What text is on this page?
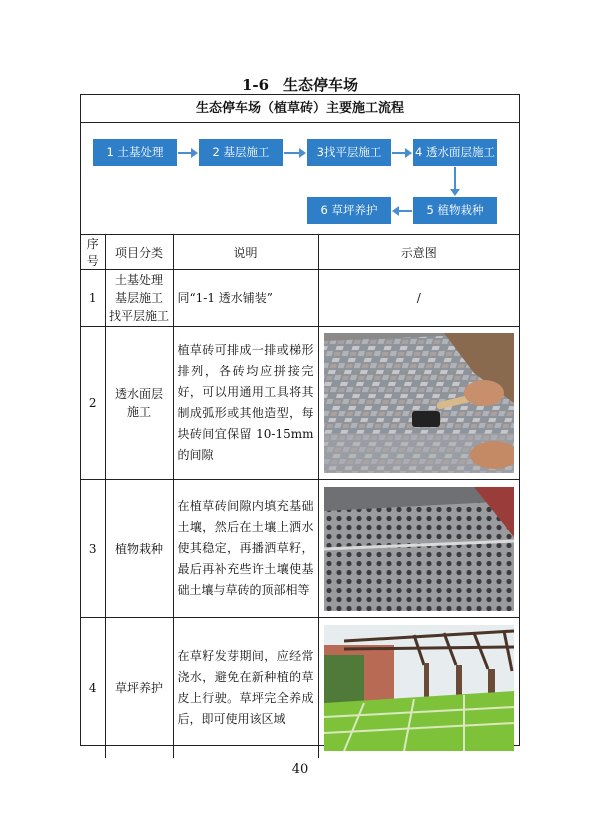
1-6 生态停车场
生态停车场（植草砖）主要施工流程
1 土基处理	2 基层施工	3找平层施工	4 透水面层施工
5 植物栽种
6 草坪养护
序号	项目分类	说明	示意图
1	土基处理
基层施工
找平层施工	同“1-1 透水铺装”	/
2	透水面层
施工	植草砖可排成一排或梯形排列，各砖均应拼接完好，可以用通用工具将其制成弧形或其他造型，每块砖间宜保留 10-15mm 的间隙	

3	植物栽种	在植草砖间隙内填充基础土壤，然后在土壤上洒水使其稳定，再播洒草籽，最后再补充些许土壤使基础土壤与草砖的顶部相等	

4	草坪养护	在草籽发芽期间，应经常浇水，避免在新种植的草皮上行驶。草坪完全养成后，即可使用该区域	
40
